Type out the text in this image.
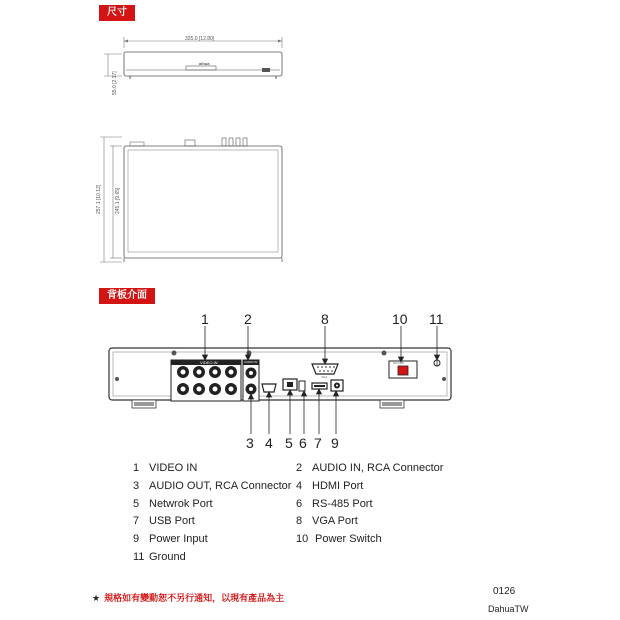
尺寸
背板介面
325.0 [12.80]
alhua
55.0 [2.17]
257.1 [10.12]	245.1 [9.65]
VIDEO IN	AUDIO IN
VGA
ON OFF
1	2	8	10 11
3 4 5 6 7 9
1 VIDEO IN	2 AUDIO IN, RCA Connector
3 AUDIO OUT, RCA Connector 4 HDMI Port
5 Netwrok Port	6 RS-485 Port
7 USB Port	8 VGA Port
9 Power Input	10 Power Switch
11 Ground
★ 規格如有變動恕不另行通知，以現有產品為主
0126
DahuaTW
